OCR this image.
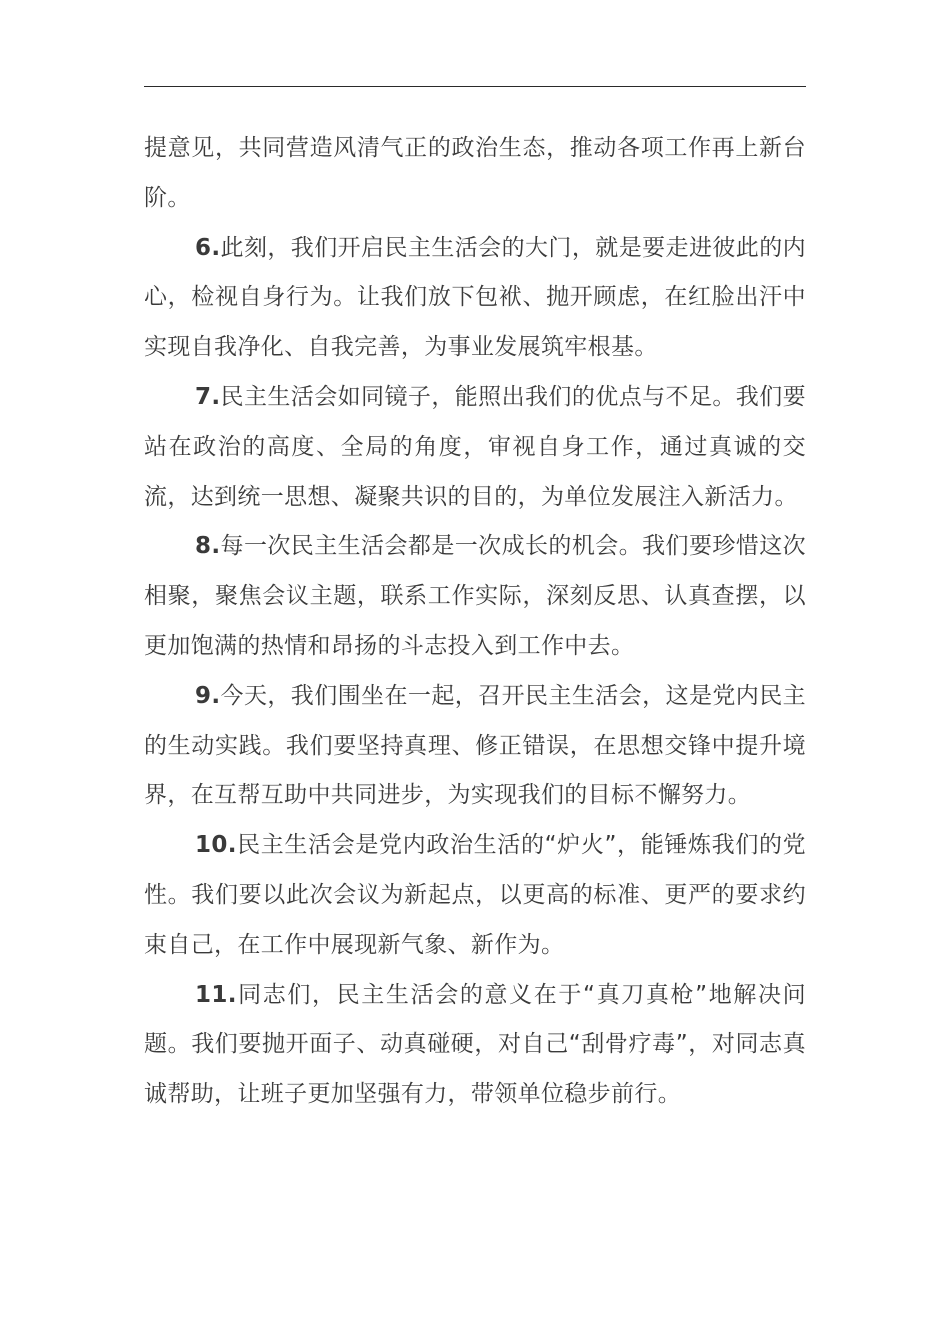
提意见，共同营造风清气正的政治生态，推动各项工作再上新台阶。

6.此刻，我们开启民主生活会的大门，就是要走进彼此的内心，检视自身行为。让我们放下包袱、抛开顾虑，在红脸出汗中实现自我净化、自我完善，为事业发展筑牢根基。

7.民主生活会如同镜子，能照出我们的优点与不足。我们要站在政治的高度、全局的角度，审视自身工作，通过真诚的交流，达到统一思想、凝聚共识的目的，为单位发展注入新活力。

8.每一次民主生活会都是一次成长的机会。我们要珍惜这次相聚，聚焦会议主题，联系工作实际，深刻反思、认真查摆，以更加饱满的热情和昂扬的斗志投入到工作中去。

9.今天，我们围坐在一起，召开民主生活会，这是党内民主的生动实践。我们要坚持真理、修正错误，在思想交锋中提升境界，在互帮互助中共同进步，为实现我们的目标不懈努力。

10.民主生活会是党内政治生活的“炉火”，能锤炼我们的党性。我们要以此次会议为新起点，以更高的标准、更严的要求约束自己，在工作中展现新气象、新作为。

11.同志们，民主生活会的意义在于“真刀真枪”地解决问题。我们要抛开面子、动真碰硬，对自己“刮骨疗毒”，对同志真诚帮助，让班子更加坚强有力，带领单位稳步前行。
